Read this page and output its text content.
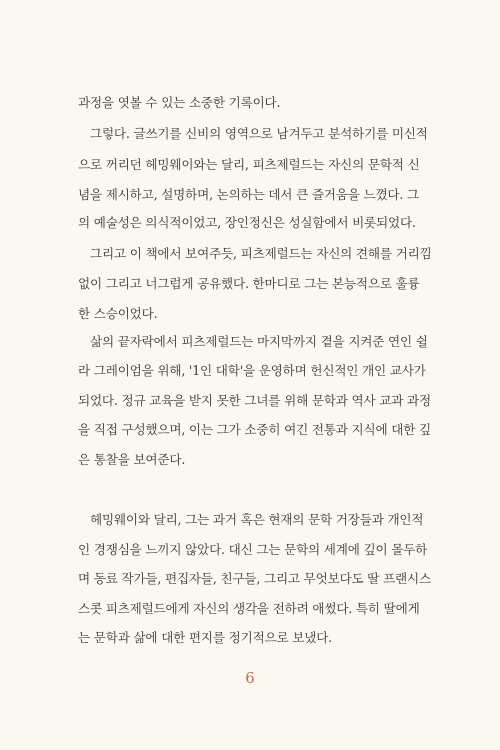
과정을 엿볼 수 있는 소중한 기록이다.
그렇다. 글쓰기를 신비의 영역으로 남겨두고 분석하기를 미신적
으로 꺼리던 헤밍웨이와는 달리, 피츠제럴드는 자신의 문학적 신
념을 제시하고, 설명하며, 논의하는 데서 큰 즐거움을 느꼈다. 그
의 예술성은 의식적이었고, 장인정신은 성실함에서 비롯되었다.
그리고 이 책에서 보여주듯, 피츠제럴드는 자신의 견해를 거리낌
없이 그리고 너그럽게 공유했다. 한마디로 그는 본능적으로 훌륭
한 스승이었다.
삶의 끝자락에서 피츠제럴드는 마지막까지 곁을 지켜준 연인 쉴
라 그레이엄을 위해, '1인 대학'을 운영하며 헌신적인 개인 교사가
되었다. 정규 교육을 받지 못한 그녀를 위해 문학과 역사 교과 과정
을 직접 구성했으며, 이는 그가 소중히 여긴 전통과 지식에 대한 깊
은 통찰을 보여준다.
헤밍웨이와 달리, 그는 과거 혹은 현재의 문학 거장들과 개인적
인 경쟁심을 느끼지 않았다. 대신 그는 문학의 세계에 깊이 몰두하
며 동료 작가들, 편집자들, 친구들, 그리고 무엇보다도 딸 프랜시스
스콧 피츠제럴드에게 자신의 생각을 전하려 애썼다. 특히 딸에게
는 문학과 삶에 대한 편지를 정기적으로 보냈다.
6
